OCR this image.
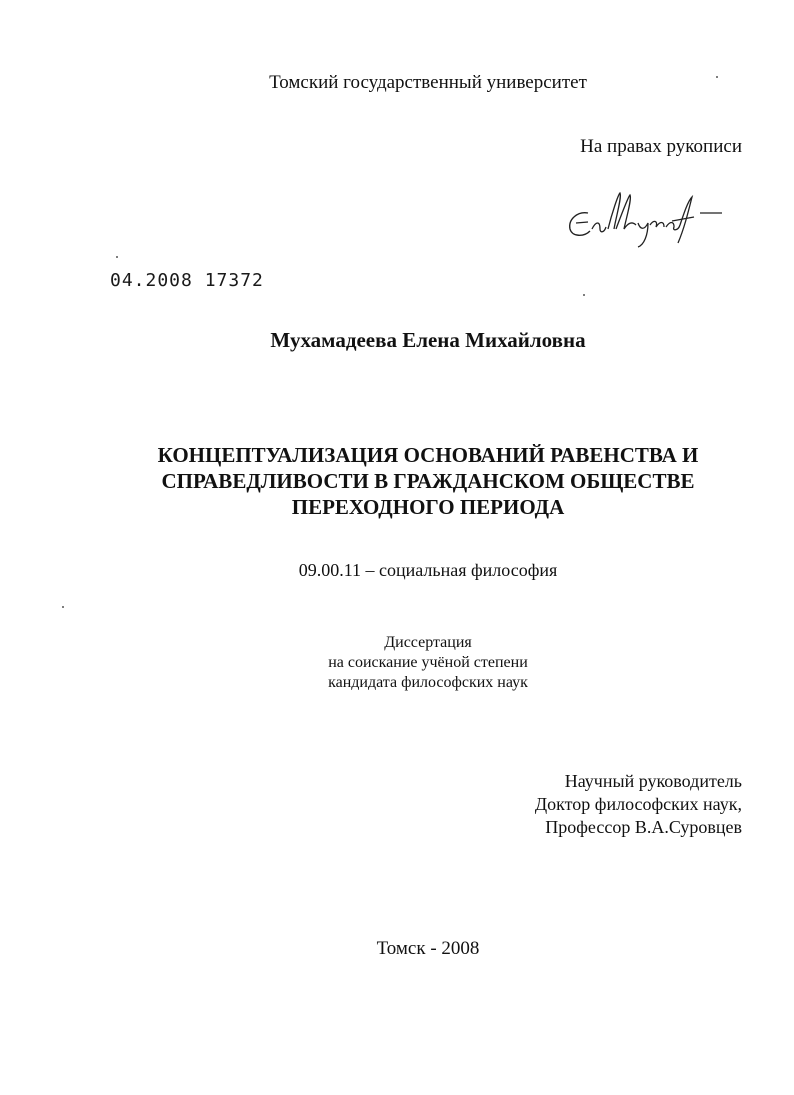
Томский государственный университет
На правах рукописи
04.2008 17372
Мухамадеева Елена Михайловна
КОНЦЕПТУАЛИЗАЦИЯ ОСНОВАНИЙ РАВЕНСТВА И
СПРАВЕДЛИВОСТИ В ГРАЖДАНСКОМ ОБЩЕСТВЕ
ПЕРЕХОДНОГО ПЕРИОДА
09.00.11 – социальная философия
Диссертация
на соискание учёной степени
кандидата философских наук
Научный руководитель
Доктор философских наук,
Профессор В.А.Суровцев
Томск - 2008
